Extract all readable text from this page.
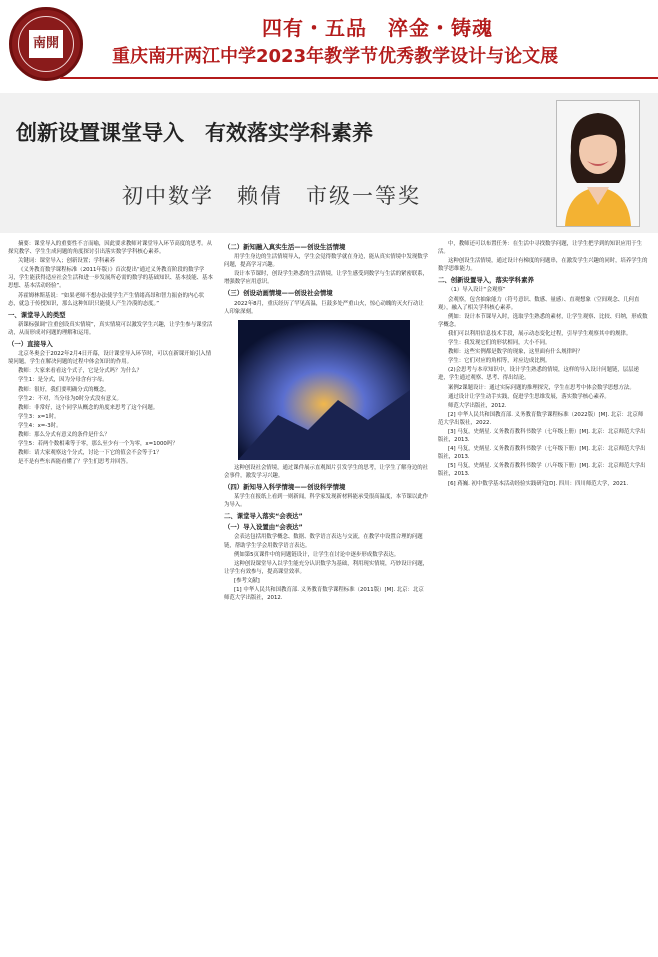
南開
四有・五品　淬金・铸魂
重庆南开两江中学2023年教学节优秀教学设计与论文展
创新设置课堂导入　有效落实学科素养
初中数学　赖倩　市级一等奖

摘要：课堂导入的重要性不言而喻，因此要求教师对课堂导入环节高度的思考。从探究教学、学生生成问题的角度探讨引出落实数学学科核心素养。

关键词：课堂导入；创新设置；学科素养

《义务教育数学课程标准（2011年版）》首次提出“通过义务教育阶段的数学学习，学生能获得适应社会生活和进一步发展所必需的数学的基础知识、基本技能、基本思想、基本活动经验”。

苏霍姆林斯基说：“如果老师不想办法使学生产生情绪高昂和智力振奋的内心状态，就急于传授知识，那么这种知识只能使人产生冷漠的态度。”

一、课堂导入的类型

新课标强调“注重创设真实情境”，真实情境可以激发学生兴趣，让学生参与课堂活动，从而形成对问题的理解和运用。

（一）直接导入

北京冬奥会于2022年2月4日开幕，设计课堂导入环节时，可以在新课开始引入情境问题，学生在解决问题的过程中体会知识的作用。

教师：大家来看看这个式子，它是分式吗？为什么？

学生1：是分式，因为分母含有字母。

教师：很好，我们要明确分式的概念。

学生2：不对，当分母为0时分式没有意义。

教师：非常好，这个同学从概念的角度来思考了这个问题。

学生3：x=1时。

学生4：x=-3时。

教师：那么分式有意义的条件是什么？

学生5：若两个数相乘等于零，那么至少有一个为零，x=1000吗？

教师：请大家观察这个分式，讨论一下它的值会不会等于1？

是不是有些东西能看懂了？学生们思考并回答。

（二）新知融入真实生活——创设生活情境

用学生身边的生活情境导入，学生会觉得数学就在身边，能从真实情境中发现数学问题，提高学习兴趣。

设计本节课时，创设学生熟悉的生活情境，让学生感受到数学与生活的紧密联系，增强数学应用意识。

（三）创设动画情境——创设社会情境

2022年8月，重庆经历了罕见高温，巨鼓多处严重山火，惊心动魄的灭火行动让人印象深刻。

这种创设社会情境，通过课件展示直观图片引发学生的思考，让学生了解身边的社会事件，激发学习兴趣。

（四）新知导入科学情境——创设科学情境

某学生在报纸上看到一则新闻，科学家发现新材料能承受很高温度，本节课以此作为导入。

二、课堂导入落实“会表达”
（一）导入设置由“会表达”

会表达包括用数学概念、数据、数学语言表达与交流，在教学中设置合理的问题链，帮助学生学会用数学语言表达。

例如第5页课件中的问题链设计，让学生在讨论中逐步形成数学表达。

这种创设课堂导入以学生能充分认识数学为基础，利用现实情境，巧妙设计问题，让学生有效参与，提高课堂效率。

[参考文献]

[1] 中华人民共和国教育部. 义务教育数学课程标准（2011版）[M]. 北京：北京师范大学出版社，2012.

中，教师还可以布置任务：在生活中寻找数学问题，让学生把学到的知识应用于生活。

这种创设生活情境，通过设计有梯度的问题串，在激发学生兴趣的同时，培养学生的数学思维能力。

二、创新设置导入，落实学科素养

（1）导入设计“会观察”

会观察，包含抽象能力（符号意识、数感、量感）、直观想象（空间观念、几何直观），融入了相关学科核心素养。

例如：设计本节课导入时，选取学生熟悉的素材，让学生观察、比较、归纳，形成数学概念。

我们可以利用信息技术手段，展示动态变化过程，引导学生观察其中的规律。

学生：我发现它们的形状相同，大小不同。

教师：这些实例都是数学的现象，这里面有什么规律吗？

学生：它们对应的角相等，对应边成比例。

(2)会思考与本章知识中，设计学生熟悉的情境，这样的导入设计问题链，层层递进，学生通过观察、思考、得出结论。

案例2课题设计：通过实际问题的推理探究，学生在思考中体会数学思想方法。

通过设计让学生动手实践，促进学生思维发展，落实数学核心素养。

师范大学出版社，2012.

[2] 中华人民共和国教育部. 义务教育数学课程标准（2022版）[M]. 北京：北京师范大学出版社，2022.

[3] 马复，史炳星. 义务教育教科书数学（七年级上册）[M]. 北京：北京师范大学出版社，2013.

[4] 马复，史炳星. 义务教育教科书数学（七年级下册）[M]. 北京：北京师范大学出版社，2013.

[5] 马复，史炳星. 义务教育教科书数学（八年级下册）[M]. 北京：北京师范大学出版社，2013.

[6] 蒋巍. 初中数学基本活动经验实践研究[D]. 四川：四川师范大学，2021.
